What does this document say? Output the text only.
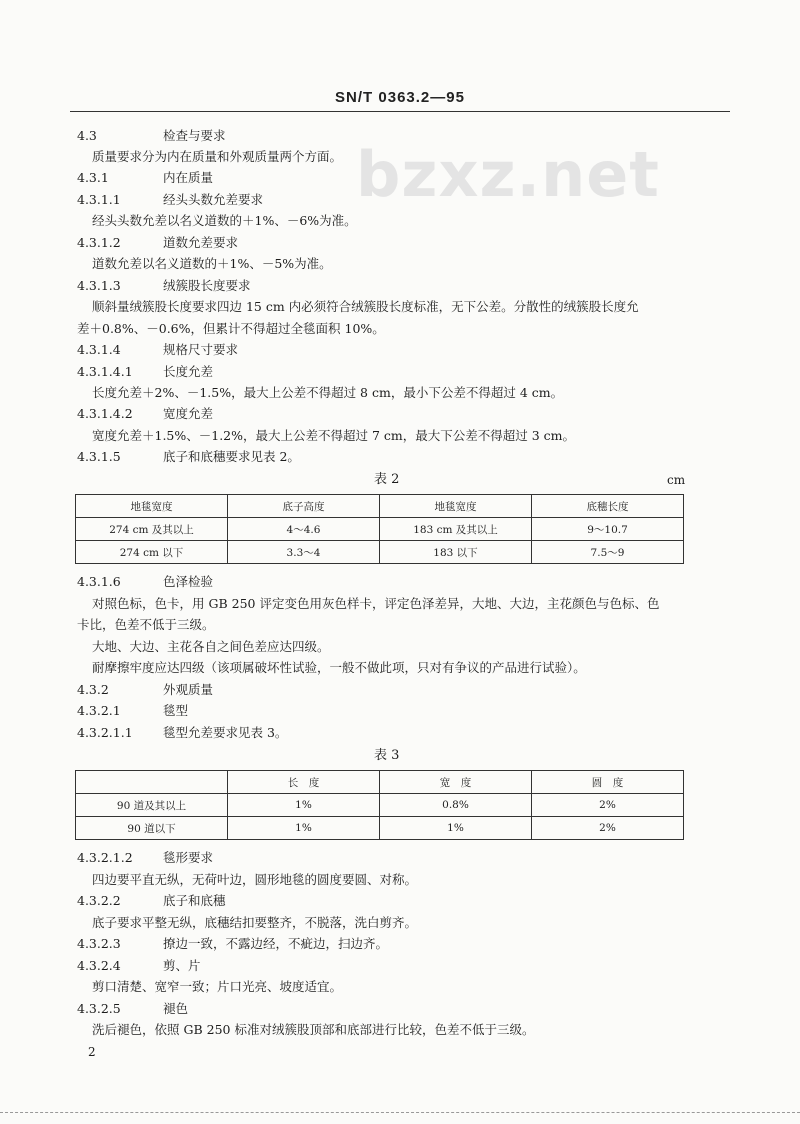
SN/T 0363.2—95
bzxz.net
4.3	检查与要求
质量要求分为内在质量和外观质量两个方面。
4.3.1	内在质量
4.3.1.1	经头头数允差要求
经头头数允差以名义道数的＋1%、－6%为准。
4.3.1.2	道数允差要求
道数允差以名义道数的＋1%、－5%为准。
4.3.1.3	绒簇股长度要求
顺斜量绒簇股长度要求四边 15 cm 内必须符合绒簇股长度标准，无下公差。分散性的绒簇股长度允
差＋0.8%、－0.6%，但累计不得超过全毯面积 10%。
4.3.1.4	规格尺寸要求
4.3.1.4.1 长度允差
长度允差＋2%、－1.5%，最大上公差不得超过 8 cm，最小下公差不得超过 4 cm。
4.3.1.4.2 宽度允差
宽度允差＋1.5%、－1.2%，最大上公差不得超过 7 cm，最大下公差不得超过 3 cm。
4.3.1.5	底子和底穗要求见表 2。
表 2	cm
地毯宽度	底子高度	地毯宽度	底穗长度
274 cm 及其以上	4～4.6	183 cm 及其以上	9～10.7
274 cm 以下	3.3～4	183 以下	7.5～9
4.3.1.6	色泽检验
对照色标，色卡，用 GB 250 评定变色用灰色样卡，评定色泽差异，大地、大边，主花颜色与色标、色
卡比，色差不低于三级。
大地、大边、主花各自之间色差应达四级。
耐摩擦牢度应达四级（该项属破坏性试验，一般不做此项，只对有争议的产品进行试验）。
4.3.2	外观质量
4.3.2.1	毯型
4.3.2.1.1 毯型允差要求见表 3。
表 3
	长　度	宽　度	圆　度
90 道及其以上	1%	0.8%	2%
90 道以下	1%	1%	2%
4.3.2.1.2 毯形要求
四边要平直无纵，无荷叶边，圆形地毯的圆度要圆、对称。
4.3.2.2	底子和底穗
底子要求平整无纵，底穗结扣要整齐，不脱落，洗白剪齐。
4.3.2.3	撩边一致，不露边经，不疵边，扫边齐。
4.3.2.4	剪、片
剪口清楚、宽窄一致；片口光亮、坡度适宜。
4.3.2.5	褪色
洗后褪色，依照 GB 250 标准对绒簇股顶部和底部进行比较，色差不低于三级。
2
